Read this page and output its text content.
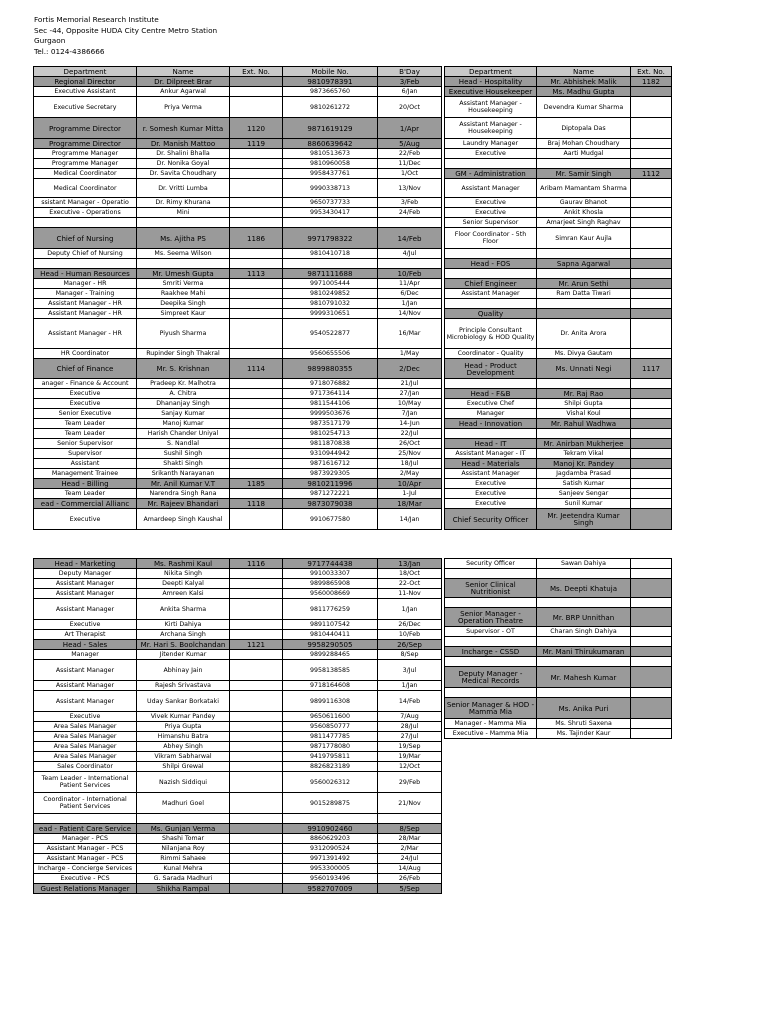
Fortis Memorial Research Institute
Sec -44, Opposite HUDA City Centre Metro Station
Gurgaon
Tel.: 0124-4386666
Department	Name	Ext. No.	Mobile No.	B'Day
Regional Director	Dr. Dilpreet Brar		9810978391	3/Feb
Executive Assistant	Ankur Agarwal		9873665760	6/Jan
Executive Secretary	Priya Verma		9810261272	20/Oct
Programme Director	r. Somesh Kumar Mitta	1120	9871619129	1/Apr
Programme Director	Dr. Manish Mattoo	1119	8860639642	5/Aug
Programme Manager	Dr. Shalini Bhalla		9810513673	22/Feb
Programme Manager	Dr. Nonika Goyal		9810960058	11/Dec
Medical Coordinator	Dr. Savita Choudhary		9958437761	1/Oct
Medical Coordinator	Dr. Vritti Lumba		9990338713	13/Nov
ssistant Manager - Operatio	Dr. Rimy Khurana		9650737733	3/Feb
Executive - Operations	Mini		9953430417	24/Feb

Chief of Nursing	Ms. Ajitha PS	1186	9971798322	14/Feb
Deputy Chief of Nursing	Ms. Seema Wilson		9810410718	4/Jul

Head - Human Resources	Mr. Umesh Gupta	1113	9871111688	10/Feb
Manager - HR	Smriti Verma		9971005444	11/Apr
Manager - Training	Raakhee Mahi		9810249852	6/Dec
Assistant Manager - HR	Deepika Singh		9810791032	1/Jan
Assistant Manager - HR	Simpreet Kaur		9999310651	14/Nov
Assistant Manager - HR	Piyush Sharma		9540522877	16/Mar
HR Coordinator	Rupinder Singh Thakral		9560655506	1/May
Chief of Finance	Mr. S. Krishnan	1114	9899880355	2/Dec
anager - Finance & Account	Pradeep Kr. Malhotra		9718076882	21/Jul
Executive	A. Chitra		9717364114	27/Jan
Executive	Dhananjay Singh		9811544106	10/May
Senior Executive	Sanjay Kumar		9999503676	7/Jan
Team Leader	Manoj Kumar		9873517179	14-Jun
Team Leader	Harish Chander Uniyal		9810254713	22/Jul
Senior Supervisor	S. Nandlal		9811870838	26/Oct
Supervisor	Sushil Singh		9310944942	25/Nov
Assistant	Shakti Singh		9871616712	18/Jul
Management Trainee	Srikanth Narayanan		9873929305	2/May
Head - Billing	Mr. Anil Kumar V.T	1185	9810211996	10/Apr
Team Leader	Narendra Singh Rana		9871272221	1-Jul
ead - Commercial Allianc	Mr. Rajeev Bhandari	1118	9873079038	18/Mar
Executive	Amardeep Singh Kaushal		9910677580	14/Jan
Department	Name	Ext. No.
Head - Hospitality	Mr. Abhishek Malik	1182
Executive Housekeeper	Ms. Madhu Gupta	
Assistant Manager - Housekeeping	Devendra Kumar Sharma	
Assistant Manager - Housekeeping	Diptopala Das	
Laundry Manager	Braj Mohan Choudhary	
Executive	Aarti Mudgal	

GM - Administration	Mr. Samir Singh	1112
Assistant Manager	Aribam Mamantam Sharma	
Executive	Gaurav Bhanot	
Executive	Ankit Khosla	
Senior Supervisor	Amarjeet Singh Raghav	
Floor Coordinator - 5th Floor	Simran Kaur Aujla	

Head - FOS	Sapna Agarwal	

Chief Engineer	Mr. Arun Sethi	
Assistant Manager	Ram Datta Tiwari	

Quality		
Principle Consultant Microbiology & HOD Quality	Dr. Anita Arora	
Coordinator - Quality	Ms. Divya Gautam	
Head - Product Development	Ms. Unnati Negi	1117

Head - F&B	Mr. Raj Rao	
Executive Chef	Shilpi Gupta	
Manager	Vishal Koul	
Head - Innovation	Mr. Rahul Wadhwa	

Head - IT	Mr. Anirban Mukherjee	
Assistant Manager - IT	Tekram Vikal	
Head - Materials	Manoj Kr. Pandey	
Assistant Manager	Jagdamba Prasad	
Executive	Satish Kumar	
Executive	Sanjeev Sengar	
Executive	Sunil Kumar	
Chief Security Officer	Mr. Jeetendra Kumar Singh	
Head - Marketing	Ms. Rashmi Kaul	1116	9717744438	13/Jan
Deputy Manager	Nikita Singh		9910033307	18/Oct
Assistant Manager	Deepti Kalyal		9899865908	22-Oct
Assistant Manager	Amreen Kalsi		9560008669	11-Nov
Assistant Manager	Ankita Sharma		9811776259	1/Jan
Executive	Kirti Dahiya		9891107542	26/Dec
Art Therapist	Archana Singh		9810440411	10/Feb
Head - Sales	Mr. Hari S. Boolchandan	1121	9958290505	26/Sep
Manager	Jitender Kumar		9899288465	8/Sep
Assistant Manager	Abhinay Jain		9958138585	3/Jul
Assistant Manager	Rajesh Srivastava		9718164608	1/Jan
Assistant Manager	Uday Sankar Borkataki		9899116308	14/Feb
Executive	Vivek Kumar Pandey		9650611600	7/Aug
Area Sales Manager	Priya Gupta		9560850777	28/Jul
Area Sales Manager	Himanshu Batra		9811477785	27/Jul
Area Sales Manager	Abhey Singh		9871778080	19/Sep
Area Sales Manager	Vikram Sabharwal		9419795811	19/Mar
Sales Coordinator	Shilpi Grewal		8826823189	12/Oct
Team Leader - International Patient Services	Nazish Siddiqui		9560026312	29/Feb
Coordinator - International Patient Services	Madhuri Goel		9015289875	21/Nov

ead - Patient Care Service	Ms. Gunjan Verma		9910902460	8/Sep
Manager - PCS	Shashi Tomar		8860629203	28/Mar
Assistant Manager - PCS	Nilanjana Roy		9312090524	2/Mar
Assistant Manager - PCS	Rimmi Sahaee		9971391492	24/Jul
Incharge - Concierge Services	Kunal Mehra		9953300005	14/Aug
Executive - PCS	G. Sarada Madhuri		9560193496	26/Feb
Guest Relations Manager	Shikha Rampal		9582707009	5/Sep
Security Officer	Sawan Dahiya	

Senior Clinical Nutritionist	Ms. Deepti Khatuja	

Senior Manager - Operation Theatre	Mr. BRP Unnithan	
Supervisor - OT	Charan Singh Dahiya	

Incharge - CSSD	Mr. Mani Thirukumaran	

Deputy Manager - Medical Records	Mr. Mahesh Kumar	

Senior Manager & HOD - Mamma Mia	Ms. Anika Puri	
Manager - Mamma Mia	Ms. Shruti Saxena	
Executive - Mamma Mia	Ms. Tajinder Kaur	
